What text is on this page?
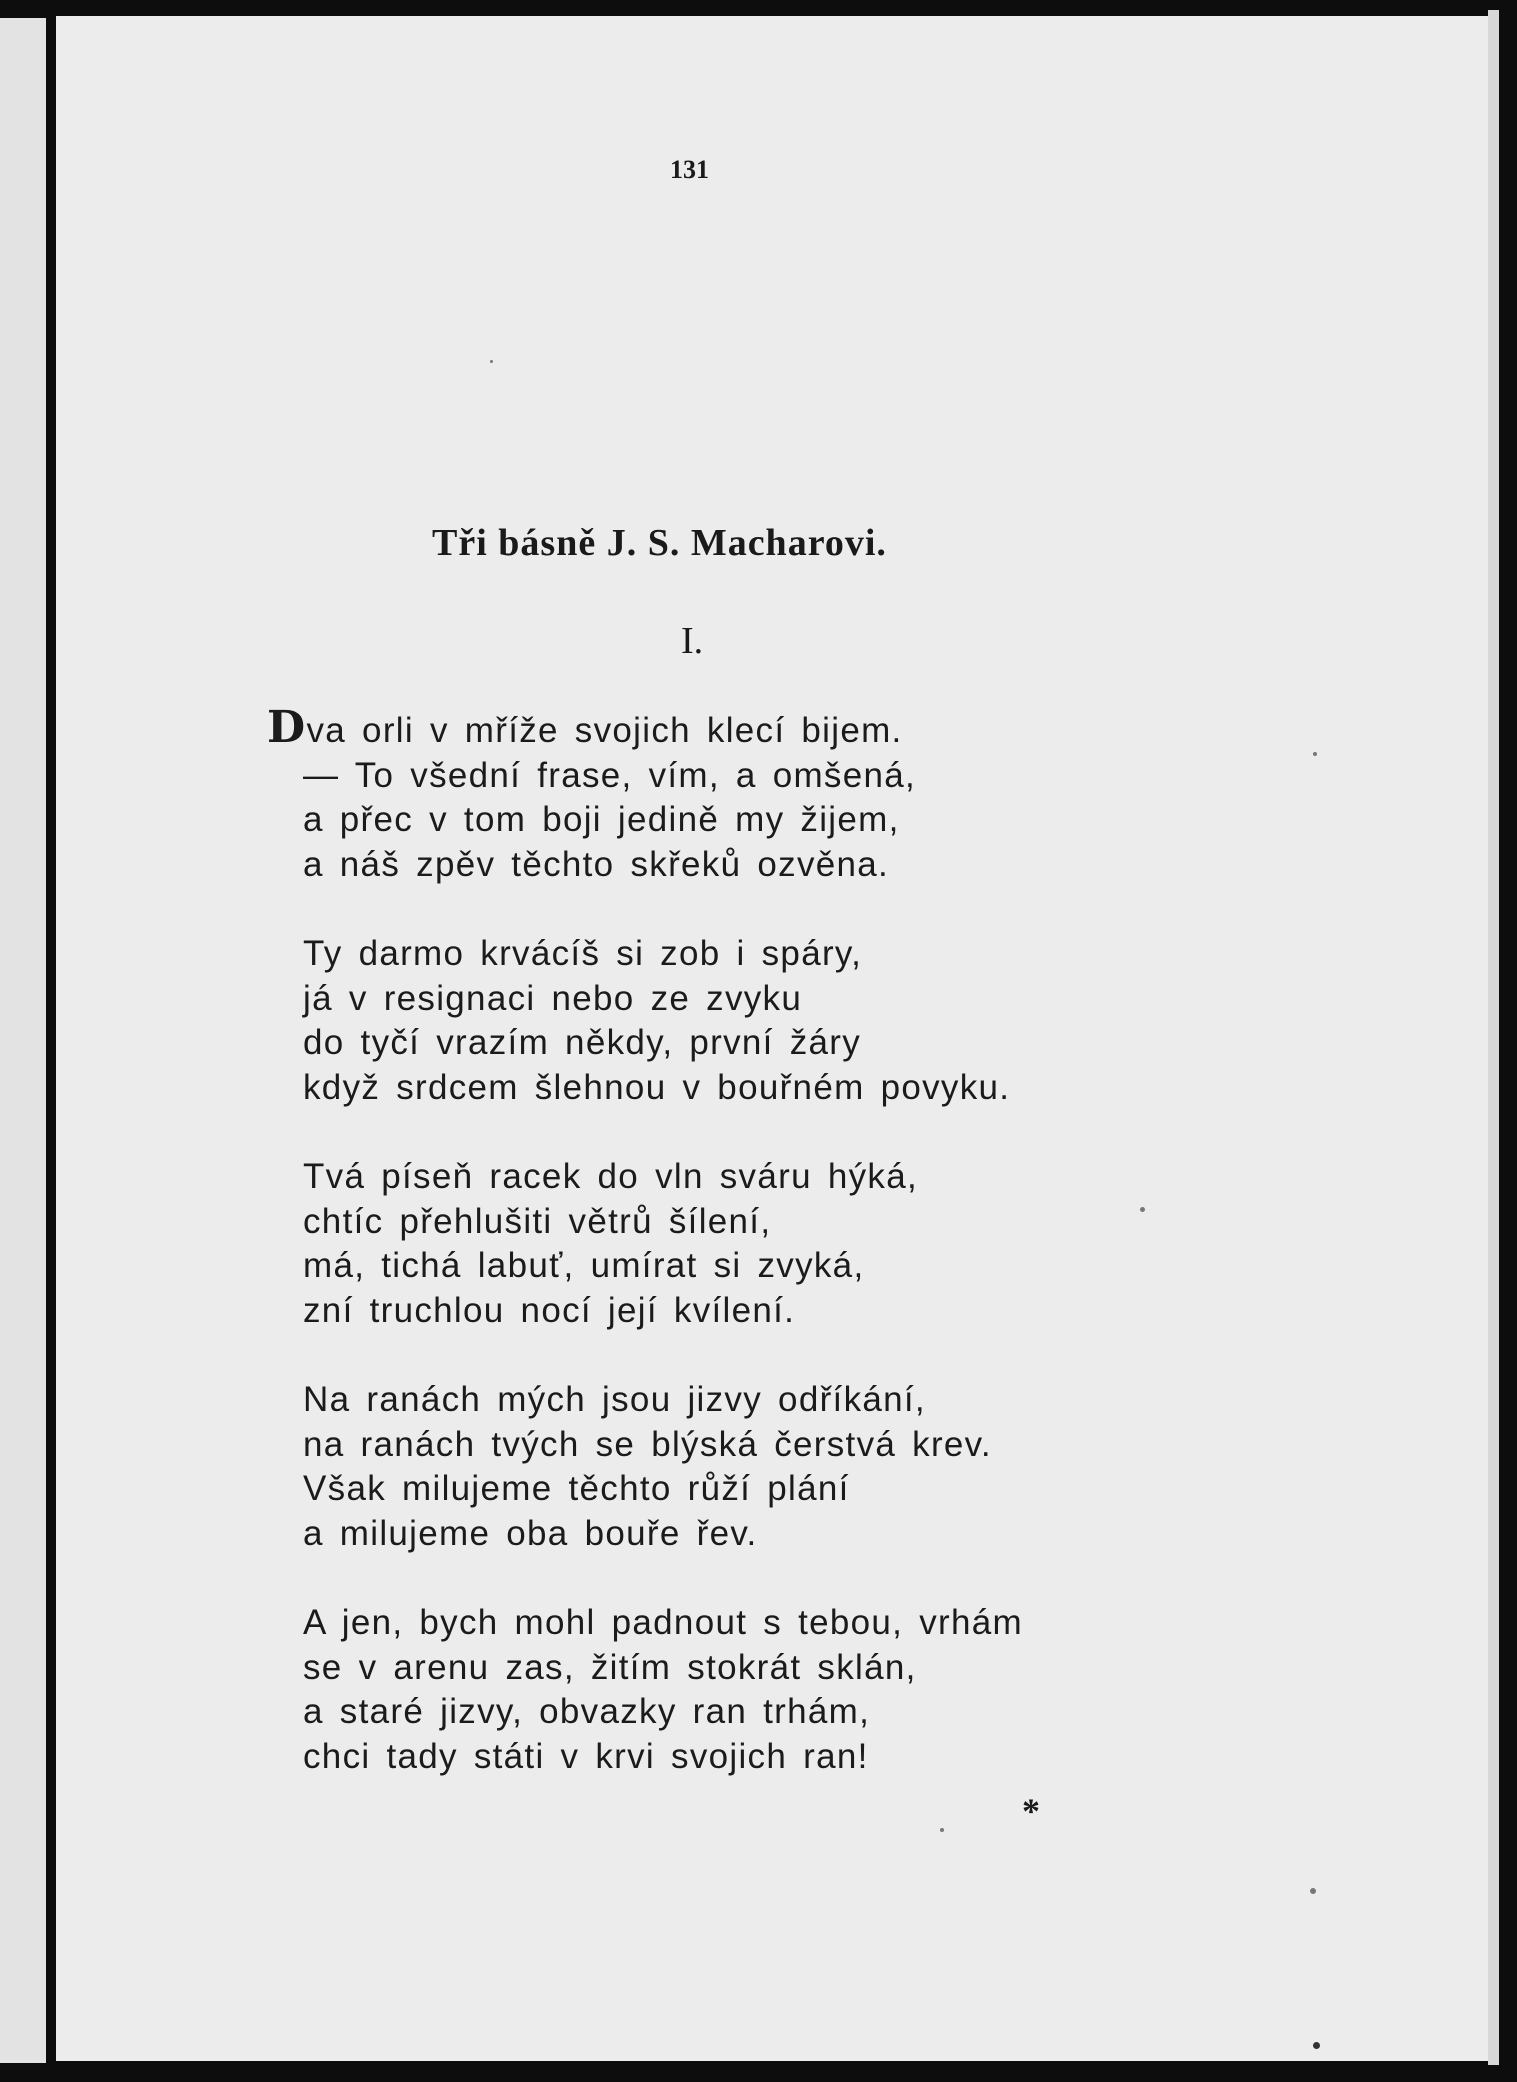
131
Tři básně J. S. Macharovi.
I.
Dva orli v mříže svojich klecí bijem.
— To všední frase, vím, a omšená,
a přec v tom boji jedině my žijem,
a náš zpěv těchto skřeků ozvěna.
Ty darmo krvácíš si zob i spáry,
já v resignaci nebo ze zvyku
do tyčí vrazím někdy, první žáry
když srdcem šlehnou v bouřném povyku.
Tvá píseň racek do vln sváru hýká,
chtíc přehlušiti větrů šílení,
má, tichá labuť, umírat si zvyká,
zní truchlou nocí její kvílení.
Na ranách mých jsou jizvy odříkání,
na ranách tvých se blýská čerstvá krev.
Však milujeme těchto růží plání
a milujeme oba bouře řev.
A jen, bych mohl padnout s tebou, vrhám
se v arenu zas, žitím stokrát sklán,
a staré jizvy, obvazky ran trhám,
chci tady státi v krvi svojich ran!
*
